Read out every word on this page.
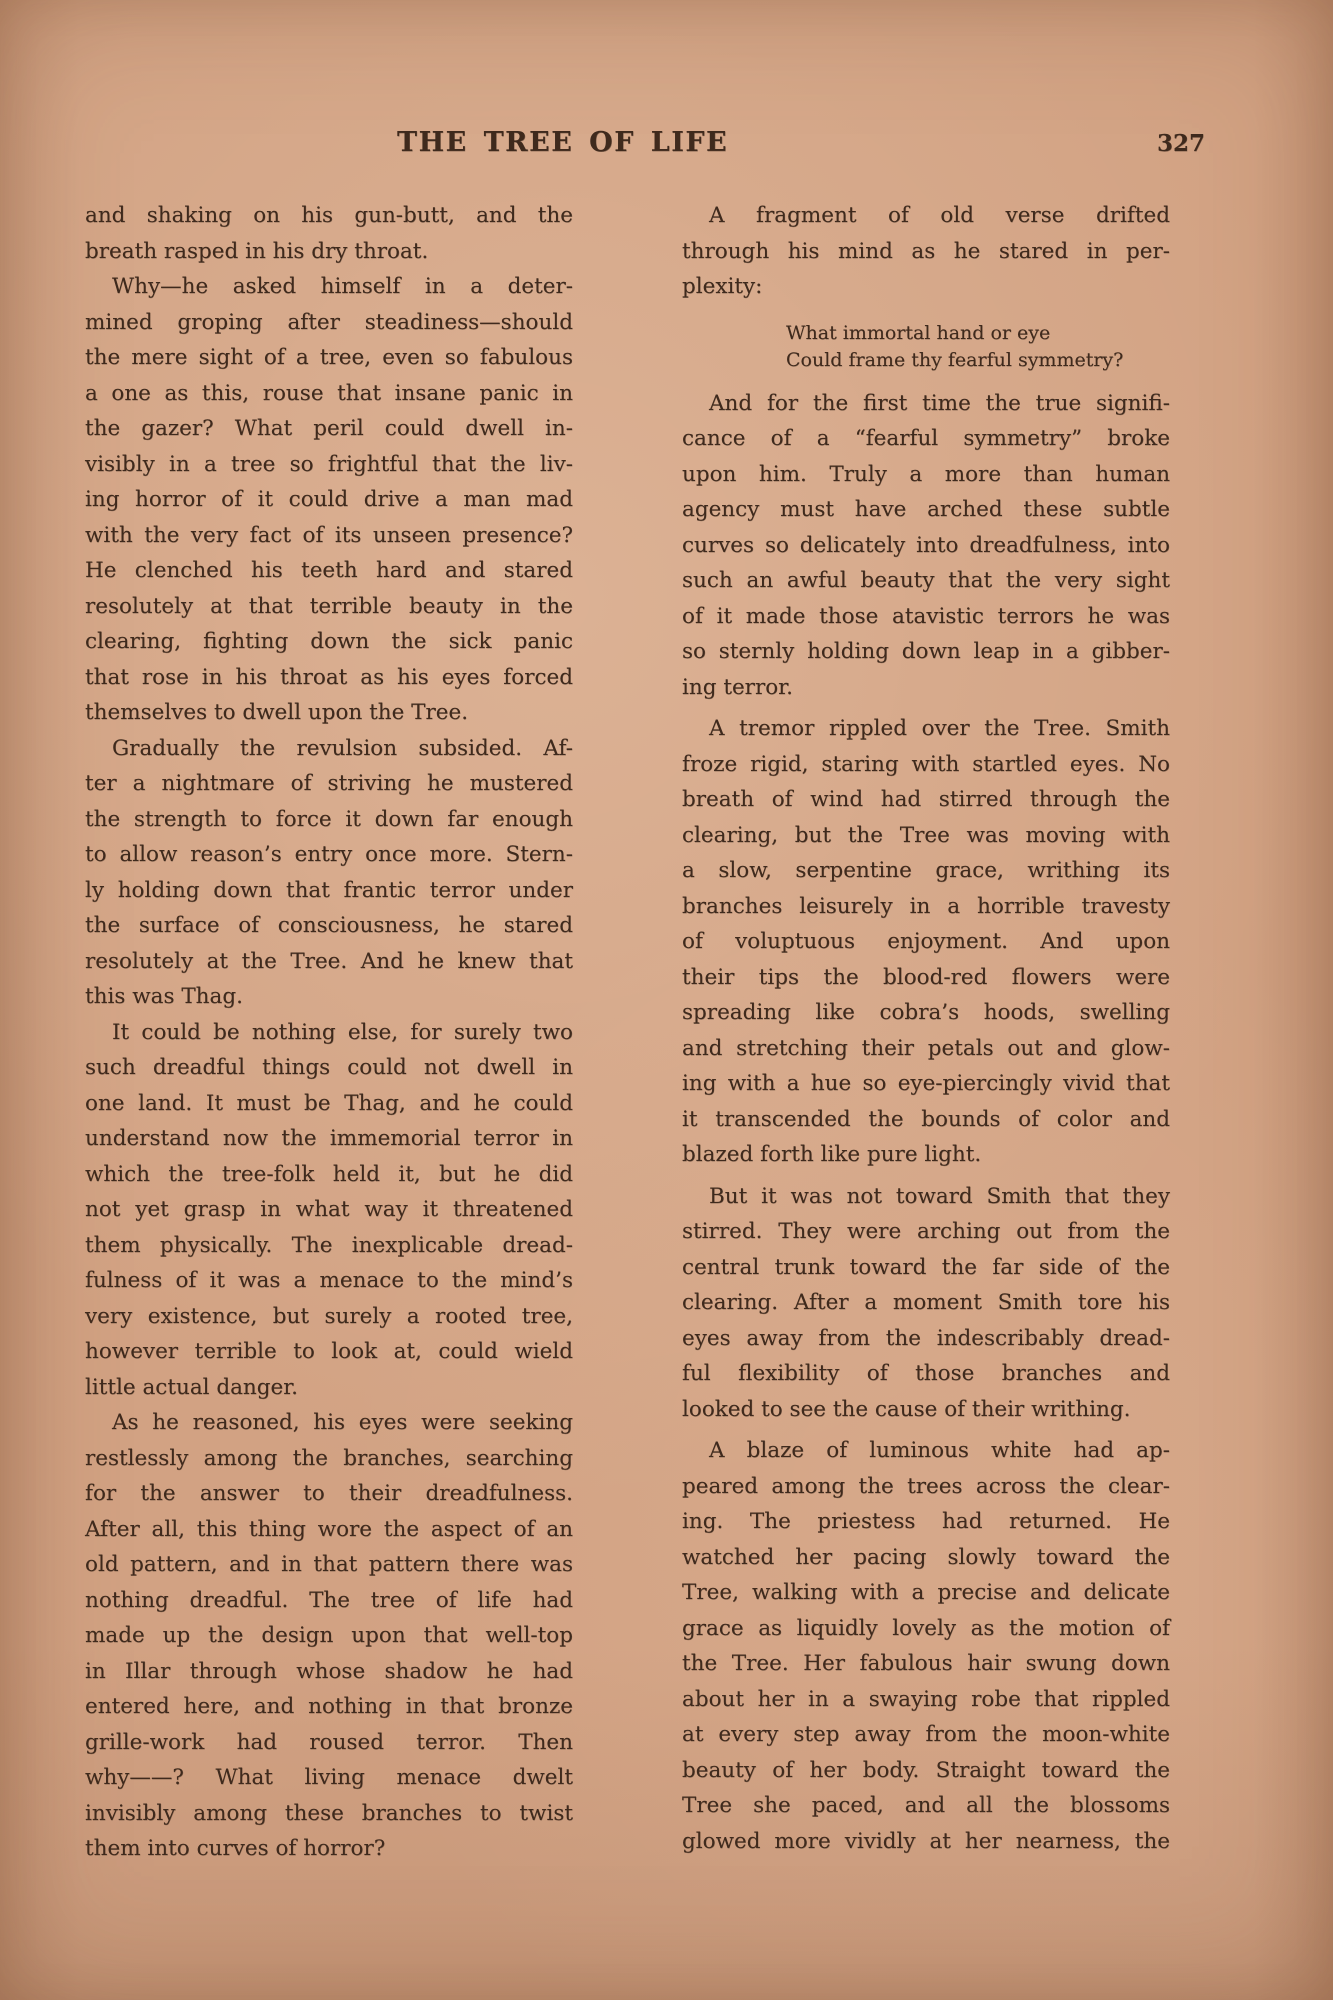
THE TREE OF LIFE	327
and shaking on his gun-butt, and the
breath rasped in his dry throat.
Why—he asked himself in a deter-
mined groping after steadiness—should
the mere sight of a tree, even so fabulous
a one as this, rouse that insane panic in
the gazer? What peril could dwell in-
visibly in a tree so frightful that the liv-
ing horror of it could drive a man mad
with the very fact of its unseen presence?
He clenched his teeth hard and stared
resolutely at that terrible beauty in the
clearing, fighting down the sick panic
that rose in his throat as his eyes forced
themselves to dwell upon the Tree.
Gradually the revulsion subsided. Af-
ter a nightmare of striving he mustered
the strength to force it down far enough
to allow reason’s entry once more. Stern-
ly holding down that frantic terror under
the surface of consciousness, he stared
resolutely at the Tree. And he knew that
this was Thag.
It could be nothing else, for surely two
such dreadful things could not dwell in
one land. It must be Thag, and he could
understand now the immemorial terror in
which the tree-folk held it, but he did
not yet grasp in what way it threatened
them physically. The inexplicable dread-
fulness of it was a menace to the mind’s
very existence, but surely a rooted tree,
however terrible to look at, could wield
little actual danger.
As he reasoned, his eyes were seeking
restlessly among the branches, searching
for the answer to their dreadfulness.
After all, this thing wore the aspect of an
old pattern, and in that pattern there was
nothing dreadful. The tree of life had
made up the design upon that well-top
in Illar through whose shadow he had
entered here, and nothing in that bronze
grille-work had roused terror. Then
why——? What living menace dwelt
invisibly among these branches to twist
them into curves of horror?
A fragment of old verse drifted
through his mind as he stared in per-
plexity:
What immortal hand or eye
Could frame thy fearful symmetry?
And for the first time the true signifi-
cance of a “fearful symmetry” broke
upon him. Truly a more than human
agency must have arched these subtle
curves so delicately into dreadfulness, into
such an awful beauty that the very sight
of it made those atavistic terrors he was
so sternly holding down leap in a gibber-
ing terror.
A tremor rippled over the Tree. Smith
froze rigid, staring with startled eyes. No
breath of wind had stirred through the
clearing, but the Tree was moving with
a slow, serpentine grace, writhing its
branches leisurely in a horrible travesty
of voluptuous enjoyment. And upon
their tips the blood-red flowers were
spreading like cobra’s hoods, swelling
and stretching their petals out and glow-
ing with a hue so eye-piercingly vivid that
it transcended the bounds of color and
blazed forth like pure light.
But it was not toward Smith that they
stirred. They were arching out from the
central trunk toward the far side of the
clearing. After a moment Smith tore his
eyes away from the indescribably dread-
ful flexibility of those branches and
looked to see the cause of their writhing.
A blaze of luminous white had ap-
peared among the trees across the clear-
ing. The priestess had returned. He
watched her pacing slowly toward the
Tree, walking with a precise and delicate
grace as liquidly lovely as the motion of
the Tree. Her fabulous hair swung down
about her in a swaying robe that rippled
at every step away from the moon-white
beauty of her body. Straight toward the
Tree she paced, and all the blossoms
glowed more vividly at her nearness, the
